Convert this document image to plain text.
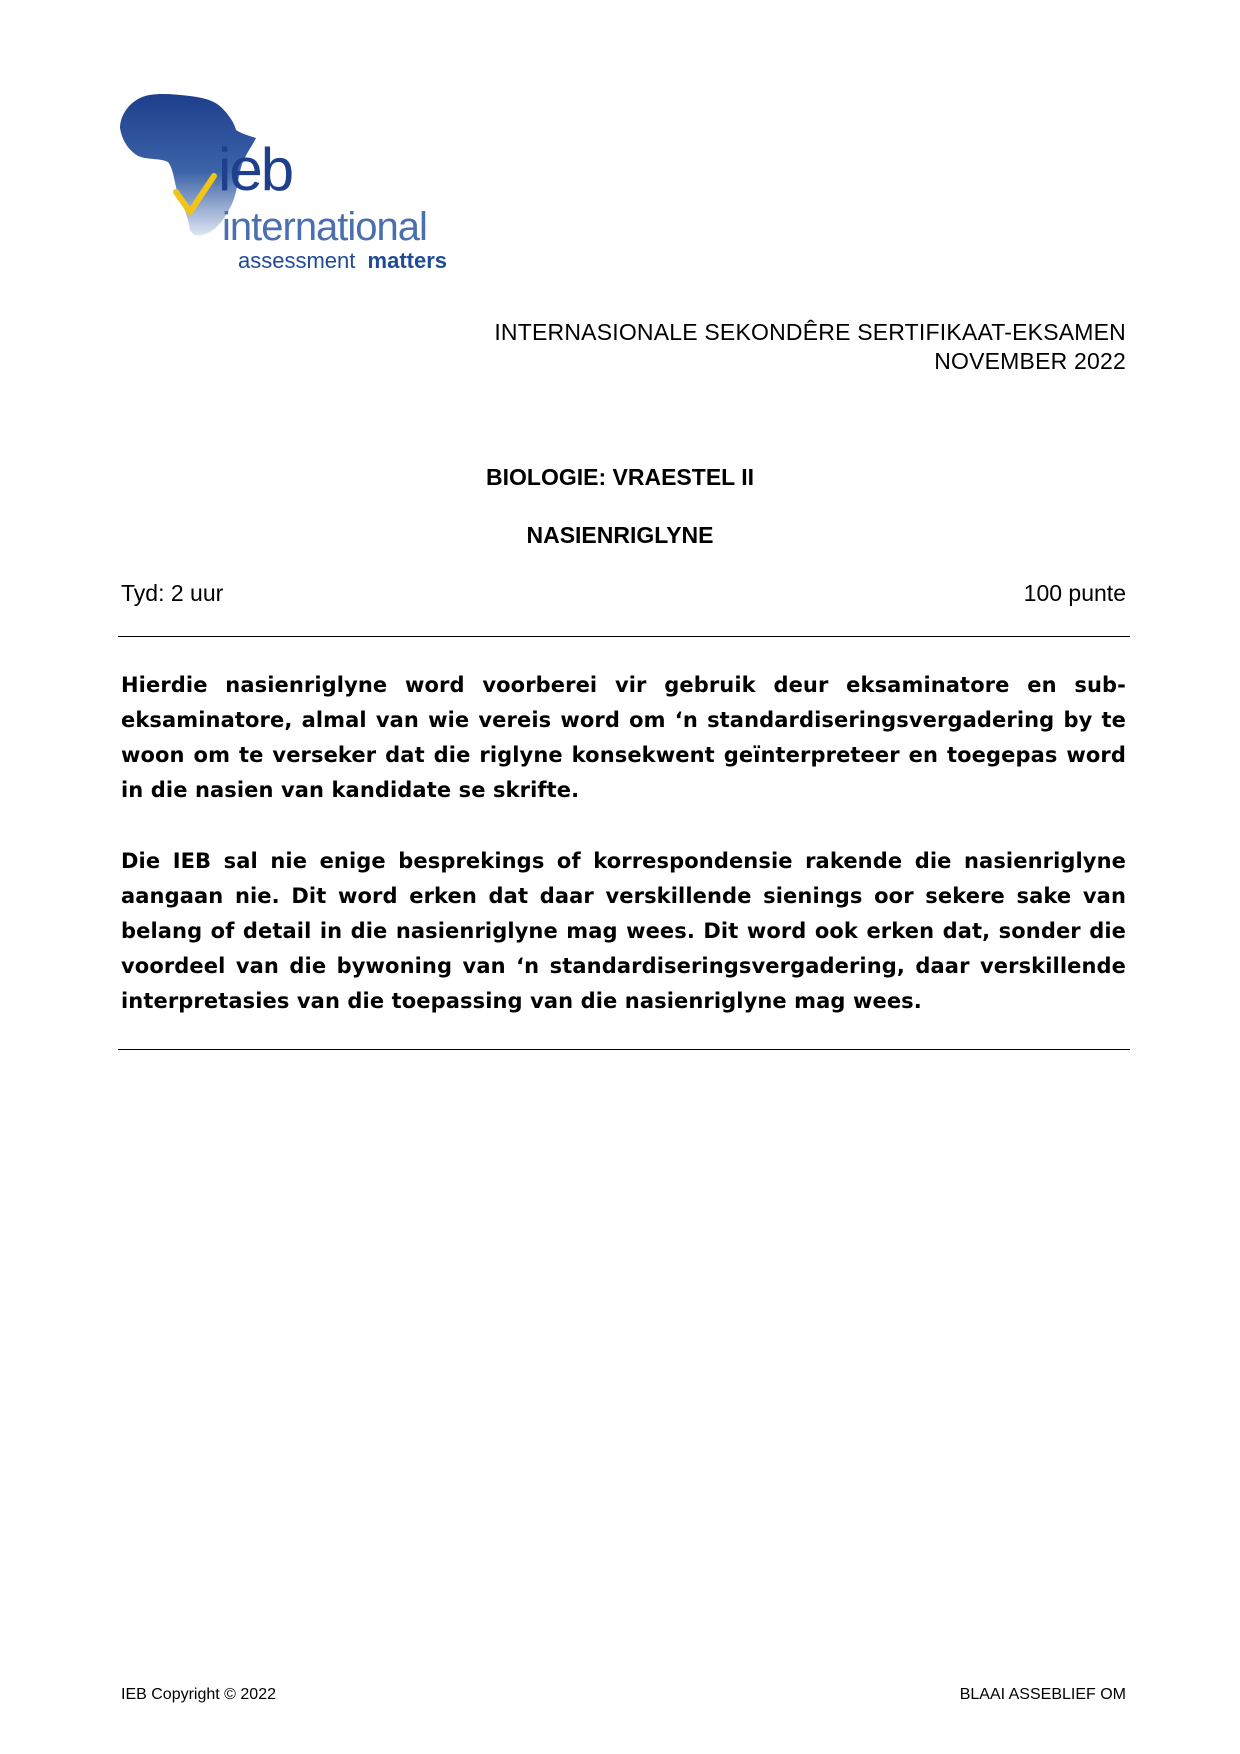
ieb
international
assessment matters
INTERNASIONALE SEKONDÊRE SERTIFIKAAT-EKSAMEN
NOVEMBER 2022
BIOLOGIE: VRAESTEL II
NASIENRIGLYNE
Tyd: 2 uur	100 punte
Hierdie nasienriglyne word voorberei vir gebruik deur eksaminatore en sub-eksaminatore, almal van wie vereis word om ‘n standardiseringsvergadering by te woon om te verseker dat die riglyne konsekwent geïnterpreteer en toegepas word in die nasien van kandidate se skrifte.
Die IEB sal nie enige besprekings of korrespondensie rakende die nasienriglyne aangaan nie. Dit word erken dat daar verskillende sienings oor sekere sake van belang of detail in die nasienriglyne mag wees. Dit word ook erken dat, sonder die voordeel van die bywoning van ‘n standardiseringsvergadering, daar verskillende interpretasies van die toepassing van die nasienriglyne mag wees.
IEB Copyright © 2022	BLAAI ASSEBLIEF OM
